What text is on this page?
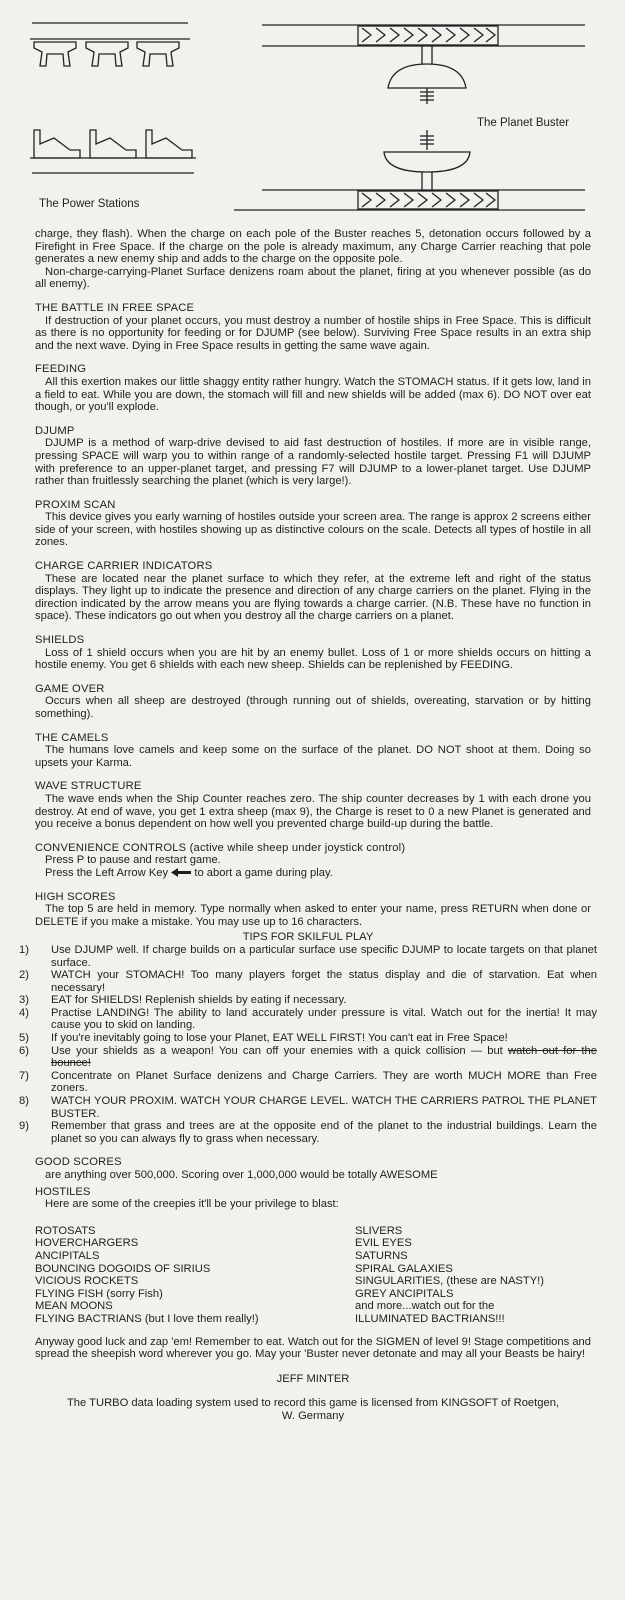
The Planet Buster
The Power Stations
charge, they flash). When the charge on each pole of the Buster reaches 5, detonation occurs followed by a Firefight in Free Space. If the charge on the pole is already maximum, any Charge Carrier reaching that pole generates a new enemy ship and adds to the charge on the opposite pole.
Non-charge-carrying-Planet Surface denizens roam about the planet, firing at you whenever possible (as do all enemy).
THE BATTLE IN FREE SPACE
If destruction of your planet occurs, you must destroy a number of hostile ships in Free Space. This is difficult as there is no opportunity for feeding or for DJUMP (see below). Surviving Free Space results in an extra ship and the next wave. Dying in Free Space results in getting the same wave again.
FEEDING
All this exertion makes our little shaggy entity rather hungry. Watch the STOMACH status. If it gets low, land in a field to eat. While you are down, the stomach will fill and new shields will be added (max 6). DO NOT over eat though, or you'll explode.
DJUMP
DJUMP is a method of warp-drive devised to aid fast destruction of hostiles. If more are in visible range, pressing SPACE will warp you to within range of a randomly-selected hostile target. Pressing F1 will DJUMP with preference to an upper-planet target, and pressing F7 will DJUMP to a lower-planet target. Use DJUMP rather than fruitlessly searching the planet (which is very large!).
PROXIM SCAN
This device gives you early warning of hostiles outside your screen area. The range is approx 2 screens either side of your screen, with hostiles showing up as distinctive colours on the scale. Detects all types of hostile in all zones.
CHARGE CARRIER INDICATORS
These are located near the planet surface to which they refer, at the extreme left and right of the status displays. They light up to indicate the presence and direction of any charge carriers on the planet. Flying in the direction indicated by the arrow means you are flying towards a charge carrier. (N.B. These have no function in space). These indicators go out when you destroy all the charge carriers on a planet.
SHIELDS
Loss of 1 shield occurs when you are hit by an enemy bullet. Loss of 1 or more shields occurs on hitting a hostile enemy. You get 6 shields with each new sheep. Shields can be replenished by FEEDING.
GAME OVER
Occurs when all sheep are destroyed (through running out of shields, overeating, starvation or by hitting something).
THE CAMELS
The humans love camels and keep some on the surface of the planet. DO NOT shoot at them. Doing so upsets your Karma.
WAVE STRUCTURE
The wave ends when the Ship Counter reaches zero. The ship counter decreases by 1 with each drone you destroy. At end of wave, you get 1 extra sheep (max 9), the Charge is reset to 0 a new Planet is generated and you receive a bonus dependent on how well you prevented charge build-up during the battle.
CONVENIENCE CONTROLS (active while sheep under joystick control)
Press P to pause and restart game.
Press the Left Arrow Key to abort a game during play.
HIGH SCORES
The top 5 are held in memory. Type normally when asked to enter your name, press RETURN when done or DELETE if you make a mistake. You may use up to 16 characters.
TIPS FOR SKILFUL PLAY
1) Use DJUMP well. If charge builds on a particular surface use specific DJUMP to locate targets on that planet surface.
2) WATCH your STOMACH! Too many players forget the status display and die of starvation. Eat when necessary!
3) EAT for SHIELDS! Replenish shields by eating if necessary.
4) Practise LANDING! The ability to land accurately under pressure is vital. Watch out for the inertia! It may cause you to skid on landing.
5) If you're inevitably going to lose your Planet, EAT WELL FIRST! You can't eat in Free Space!
6) Use your shields as a weapon! You can off your enemies with a quick collision — but watch out for the bounce!
7) Concentrate on Planet Surface denizens and Charge Carriers. They are worth MUCH MORE than Free zoners.
8) WATCH YOUR PROXIM. WATCH YOUR CHARGE LEVEL. WATCH THE CARRIERS PATROL THE PLANET BUSTER.
9) Remember that grass and trees are at the opposite end of the planet to the industrial buildings. Learn the planet so you can always fly to grass when necessary.
GOOD SCORES
are anything over 500,000. Scoring over 1,000,000 would be totally AWESOME
HOSTILES
Here are some of the creepies it'll be your privilege to blast:
ROTOSATS
HOVERCHARGERS
ANCIPITALS
BOUNCING DOGOIDS OF SIRIUS
VICIOUS ROCKETS
FLYING FISH (sorry Fish)
MEAN MOONS
FLYING BACTRIANS (but I love them really!)
SLIVERS
EVIL EYES
SATURNS
SPIRAL GALAXIES
SINGULARITIES, (these are NASTY!)
GREY ANCIPITALS
and more...watch out for the
ILLUMINATED BACTRIANS!!!
Anyway good luck and zap 'em! Remember to eat. Watch out for the SIGMEN of level 9! Stage competitions and spread the sheepish word wherever you go. May your 'Buster never detonate and may all your Beasts be hairy!
JEFF MINTER
The TURBO data loading system used to record this game is licensed from KINGSOFT of Roetgen, W. Germany
